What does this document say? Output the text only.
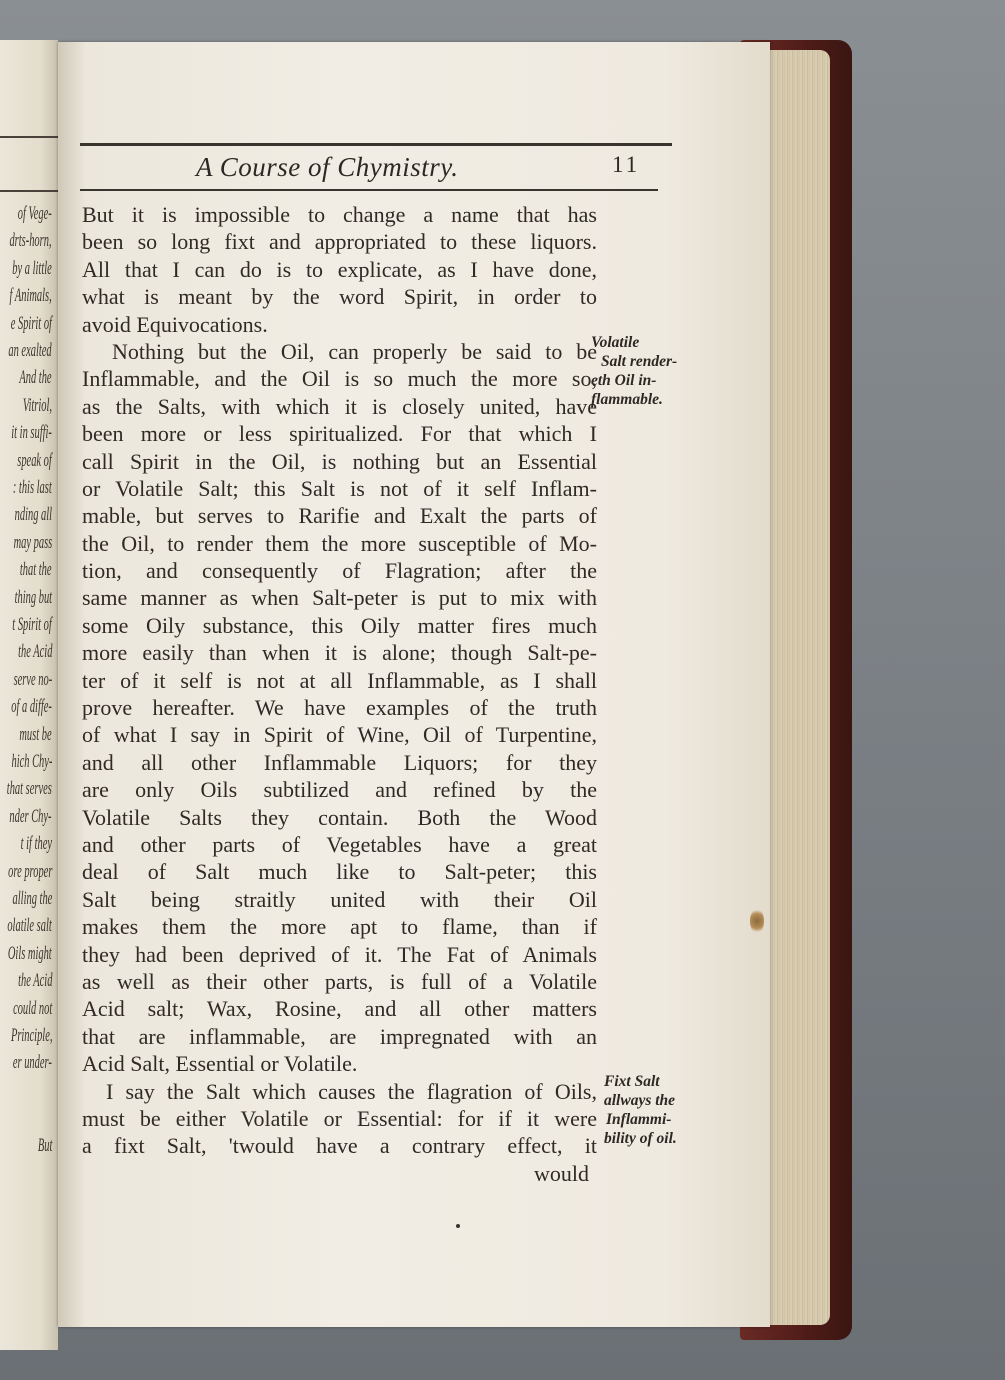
of Vege-
drts-horn,
by a little
f Animals,
e Spirit of
an exalted
And the
Vitriol,
it in suffi-
speak of
: this last
nding all
may pass
that the
thing but
t Spirit of
the Acid
serve no-
of a diffe-
must be
hich Chy-
that serves
nder Chy-
t if they
ore proper
alling the
olatile salt
Oils might
the Acid
could not
Principle,
er under-
But
A Course of Chymistry.	11
But it is impossible to change a name that has
been so long fixt and appropriated to these liquors.
All that I can do is to explicate, as I have done,
what is meant by the word Spirit, in order to
avoid Equivocations.
Nothing but the Oil, can properly be said to be
Inflammable, and the Oil is so much the more so,
as the Salts, with which it is closely united, have
been more or less spiritualized. For that which I
call Spirit in the Oil, is nothing but an Essential
or Volatile Salt; this Salt is not of it self Inflam-
mable, but serves to Rarifie and Exalt the parts of
the Oil, to render them the more susceptible of Mo-
tion, and consequently of Flagration; after the
same manner as when Salt-peter is put to mix with
some Oily substance, this Oily matter fires much
more easily than when it is alone; though Salt-pe-
ter of it self is not at all Inflammable, as I shall
prove hereafter. We have examples of the truth
of what I say in Spirit of Wine, Oil of Turpentine,
and all other Inflammable Liquors; for they
are only Oils subtilized and refined by the
Volatile Salts they contain. Both the Wood
and other parts of Vegetables have a great
deal of Salt much like to Salt-peter; this
Salt being straitly united with their Oil
makes them the more apt to flame, than if
they had been deprived of it. The Fat of Animals
as well as their other parts, is full of a Volatile
Acid salt; Wax, Rosine, and all other matters
that are inflammable, are impregnated with an
Acid Salt, Essential or Volatile.
I say the Salt which causes the flagration of Oils,
must be either Volatile or Essential: for if it were
a fixt Salt, 'twould have a contrary effect, it
would
Volatile
Salt render-
eth Oil in-
flammable.
Fixt Salt
allways the
Inflammi-
bility of oil.
